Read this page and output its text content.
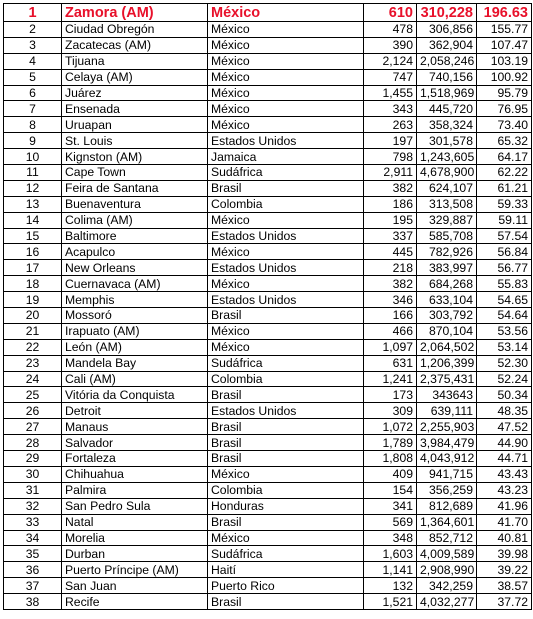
1	Zamora (AM)	México	610	310,228	196.63
2	Ciudad Obregón	México	478	306,856	155.77
3	Zacatecas (AM)	México	390	362,904	107.47
4	Tijuana	México	2,124	2,058,246	103.19
5	Celaya (AM)	México	747	740,156	100.92
6	Juárez	México	1,455	1,518,969	95.79
7	Ensenada	México	343	445,720	76.95
8	Uruapan	México	263	358,324	73.40
9	St. Louis	Estados Unidos	197	301,578	65.32
10	Kignston (AM)	Jamaica	798	1,243,605	64.17
11	Cape Town	Sudáfrica	2,911	4,678,900	62.22
12	Feira de Santana	Brasil	382	624,107	61.21
13	Buenaventura	Colombia	186	313,508	59.33
14	Colima (AM)	México	195	329,887	59.11
15	Baltimore	Estados Unidos	337	585,708	57.54
16	Acapulco	México	445	782,926	56.84
17	New Orleans	Estados Unidos	218	383,997	56.77
18	Cuernavaca (AM)	México	382	684,268	55.83
19	Memphis	Estados Unidos	346	633,104	54.65
20	Mossoró	Brasil	166	303,792	54.64
21	Irapuato (AM)	México	466	870,104	53.56
22	León (AM)	México	1,097	2,064,502	53.14
23	Mandela Bay	Sudáfrica	631	1,206,399	52.30
24	Cali (AM)	Colombia	1,241	2,375,431	52.24
25	Vitória da Conquista	Brasil	173	343643	50.34
26	Detroit	Estados Unidos	309	639,111	48.35
27	Manaus	Brasil	1,072	2,255,903	47.52
28	Salvador	Brasil	1,789	3,984,479	44.90
29	Fortaleza	Brasil	1,808	4,043,912	44.71
30	Chihuahua	México	409	941,715	43.43
31	Palmira	Colombia	154	356,259	43.23
32	San Pedro Sula	Honduras	341	812,689	41.96
33	Natal	Brasil	569	1,364,601	41.70
34	Morelia	México	348	852,712	40.81
35	Durban	Sudáfrica	1,603	4,009,589	39.98
36	Puerto Príncipe (AM)	Haití	1,141	2,908,990	39.22
37	San Juan	Puerto Rico	132	342,259	38.57
38	Recife	Brasil	1,521	4,032,277	37.72
